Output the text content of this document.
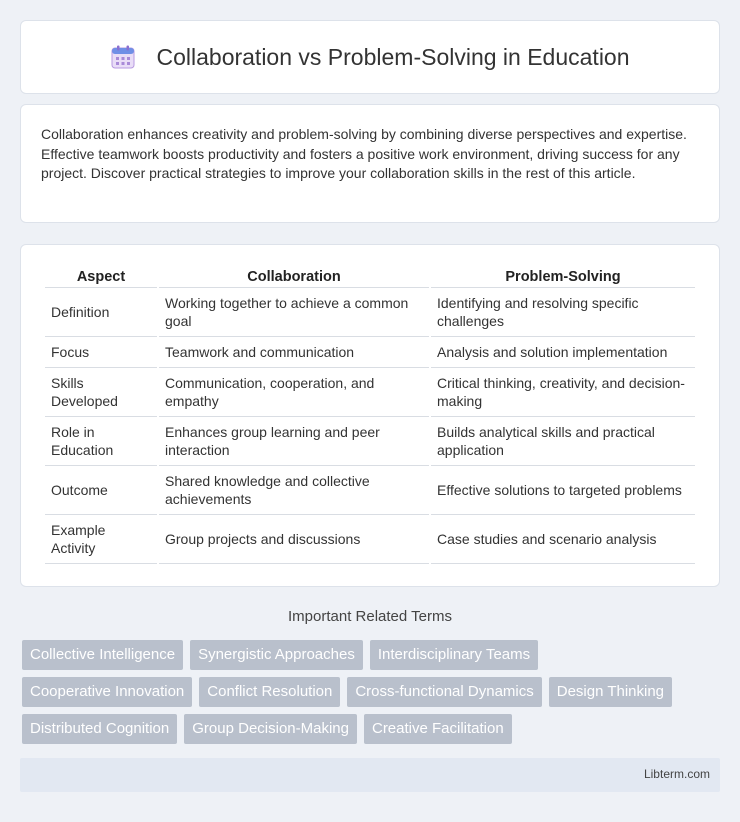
Collaboration vs Problem-Solving in Education

Collaboration enhances creativity and problem-solving by combining diverse perspectives and expertise. Effective teamwork boosts productivity and fosters a positive work environment, driving success for any project. Discover practical strategies to improve your collaboration skills in the rest of this article.

Aspect	Collaboration	Problem-Solving
Definition	Working together to achieve a common goal	Identifying and resolving specific challenges
Focus	Teamwork and communication	Analysis and solution implementation
Skills Developed	Communication, cooperation, and empathy	Critical thinking, creativity, and decision-making
Role in Education	Enhances group learning and peer interaction	Builds analytical skills and practical application
Outcome	Shared knowledge and collective achievements	Effective solutions to targeted problems
Example Activity	Group projects and discussions	Case studies and scenario analysis
Important Related Terms
Collective Intelligence	Synergistic Approaches	Interdisciplinary Teams
Cooperative Innovation	Conflict Resolution	Cross-functional Dynamics	Design Thinking
Distributed Cognition	Group Decision-Making	Creative Facilitation
Libterm.com
